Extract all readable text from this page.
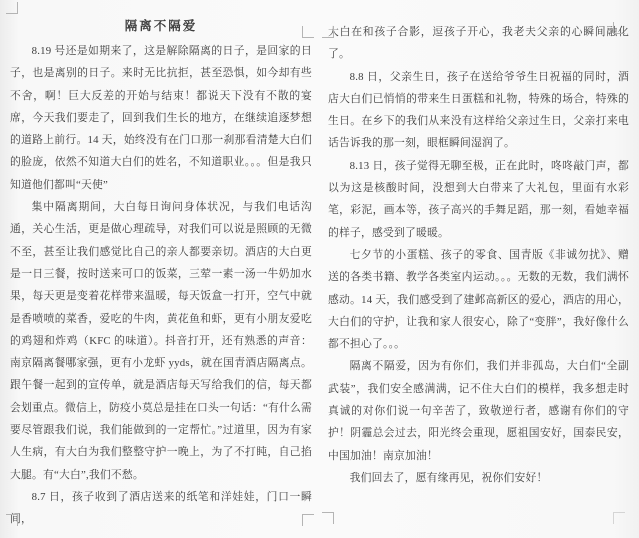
隔离不隔爱

8.19 号还是如期来了，这是解除隔离的日子，是回家的日子，也是离别的日子。来时无比抗拒，甚至恐惧，如今却有些不舍，啊！巨大反差的开始与结束！都说天下没有不散的宴席，今天我们要走了，回到我们生长的地方，在继续追逐梦想的道路上前行。14 天，始终没有在门口那一刹那看清楚大白们的脸庞，依然不知道大白们的姓名，不知道职业。。。但是我只知道他们都叫“天使”

集中隔离期间，大白每日询问身体状况，与我们电话沟通，关心生活，更是做心理疏导，对我们可以说是照顾的无微不至，甚至让我们感觉比自己的亲人都要亲切。酒店的大白更是一日三餐，按时送来可口的饭菜，三荤一素一汤一牛奶加水果，每天更是变着花样带来温暖，每天饭盒一打开，空气中就是香喷喷的菜香，爱吃的牛肉，黄花鱼和虾，更有小朋友爱吃的鸡翅和炸鸡（KFC 的味道）。抖音打开，还有熟悉的声音：南京隔离餐哪家强，更有小龙虾 yyds，就在国青酒店隔离点。跟午餐一起到的宣传单，就是酒店每天写给我们的信，每天都会划重点。微信上，防疫小莫总是挂在口头一句话：“有什么需要尽管跟我们说，我们能做到的一定帮忙。”过道里，因为有家人生病，有大白为我们整整守护一晚上，为了不打盹，自己掐大腿。有“大白”,我们不愁。

8.7 日，孩子收到了酒店送来的纸笔和洋娃娃，门口一瞬间，

大白在和孩子合影，逗孩子开心，我老夫父亲的心瞬间融化了。

8.8 日，父亲生日，孩子在送给爷爷生日祝福的同时，酒店大白们已悄悄的带来生日蛋糕和礼物，特殊的场合，特殊的生日。在乡下的我们从来没有这样给父亲过生日，父亲打来电话告诉我的那一刻，眼框瞬间湿润了。

8.13 日，孩子觉得无聊至极，正在此时，咚咚敲门声，都以为这是核酸时间，没想到大白带来了大礼包，里面有水彩笔，彩泥，画本等，孩子高兴的手舞足蹈，那一刻，看她幸福的样子，感受到了暖暖。

七夕节的小蛋糕、孩子的零食、国青版《非诚勿扰》、赠送的各类书籍、教学各类室内运动。。。无数的无数，我们满怀感动。14 天，我们感受到了建邺高新区的爱心，酒店的用心，大白们的守护，让我和家人很安心，除了“变胖”，我好像什么都不担心了。。。

隔离不隔爱，因为有你们，我们并非孤岛，大白们“全副武装”，我们安全感满满，记不住大白们的模样，我多想走时真诚的对你们说一句辛苦了，致敬逆行者，感谢有你们的守护！阴霾总会过去，阳光终会重现，愿祖国安好，国泰民安，中国加油！南京加油！

我们回去了，愿有缘再见，祝你们安好！
